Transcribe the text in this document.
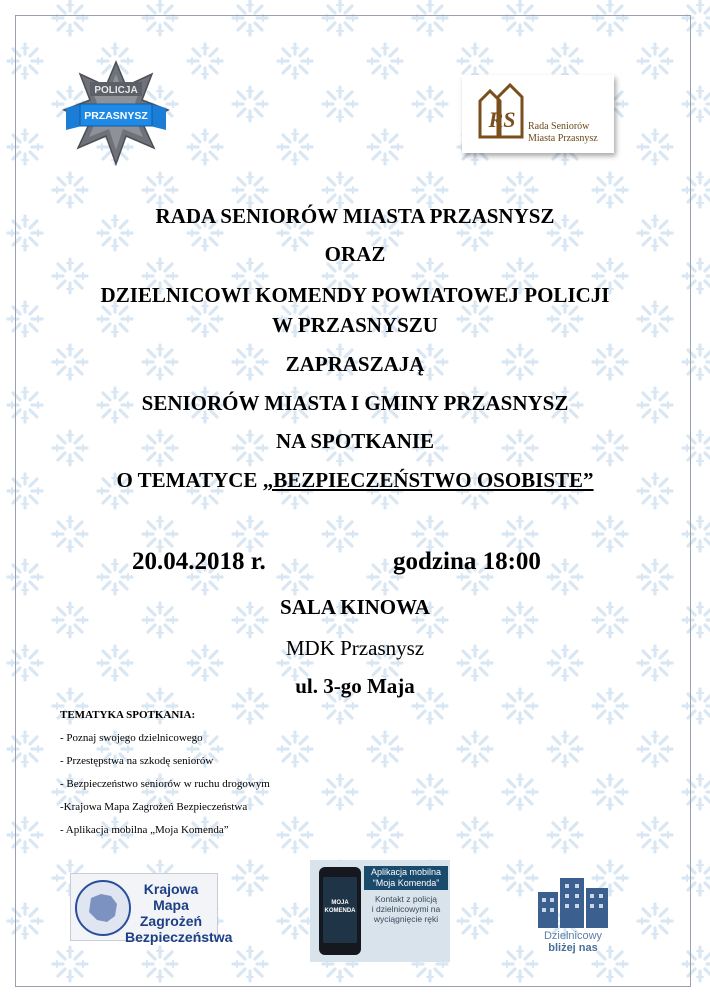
POLICJA
PRZASNYSZ	RS Rada Seniorów
Miasta Przasnysz
RADA SENIORÓW MIASTA PRZASNYSZ
ORAZ
DZIELNICOWI KOMENDY POWIATOWEJ POLICJI
W PRZASNYSZU
ZAPRASZAJĄ
SENIORÓW MIASTA I GMINY PRZASNYSZ
NA SPOTKANIE
O TEMATYCE „BEZPIECZEŃSTWO OSOBISTE”
20.04.2018 r.	godzina 18:00
SALA KINOWA
MDK Przasnysz
ul. 3-go Maja
TEMATYKA SPOTKANIA:
- Poznaj swojego dzielnicowego
- Przestępstwa na szkodę seniorów
- Bezpieczeństwo seniorów w ruchu drogowym
-Krajowa Mapa Zagrożeń Bezpieczeństwa
- Aplikacja mobilna „Moja Komenda”
Krajowa Mapa
Zagrożeń
Bezpieczeństwa
MOJA
KOMENDA
Aplikacja mobilna
“Moja Komenda”
Kontakt z policją
i dzielnicowymi na
wyciągnięcie ręki
Dzielnicowy
bliżej nas
